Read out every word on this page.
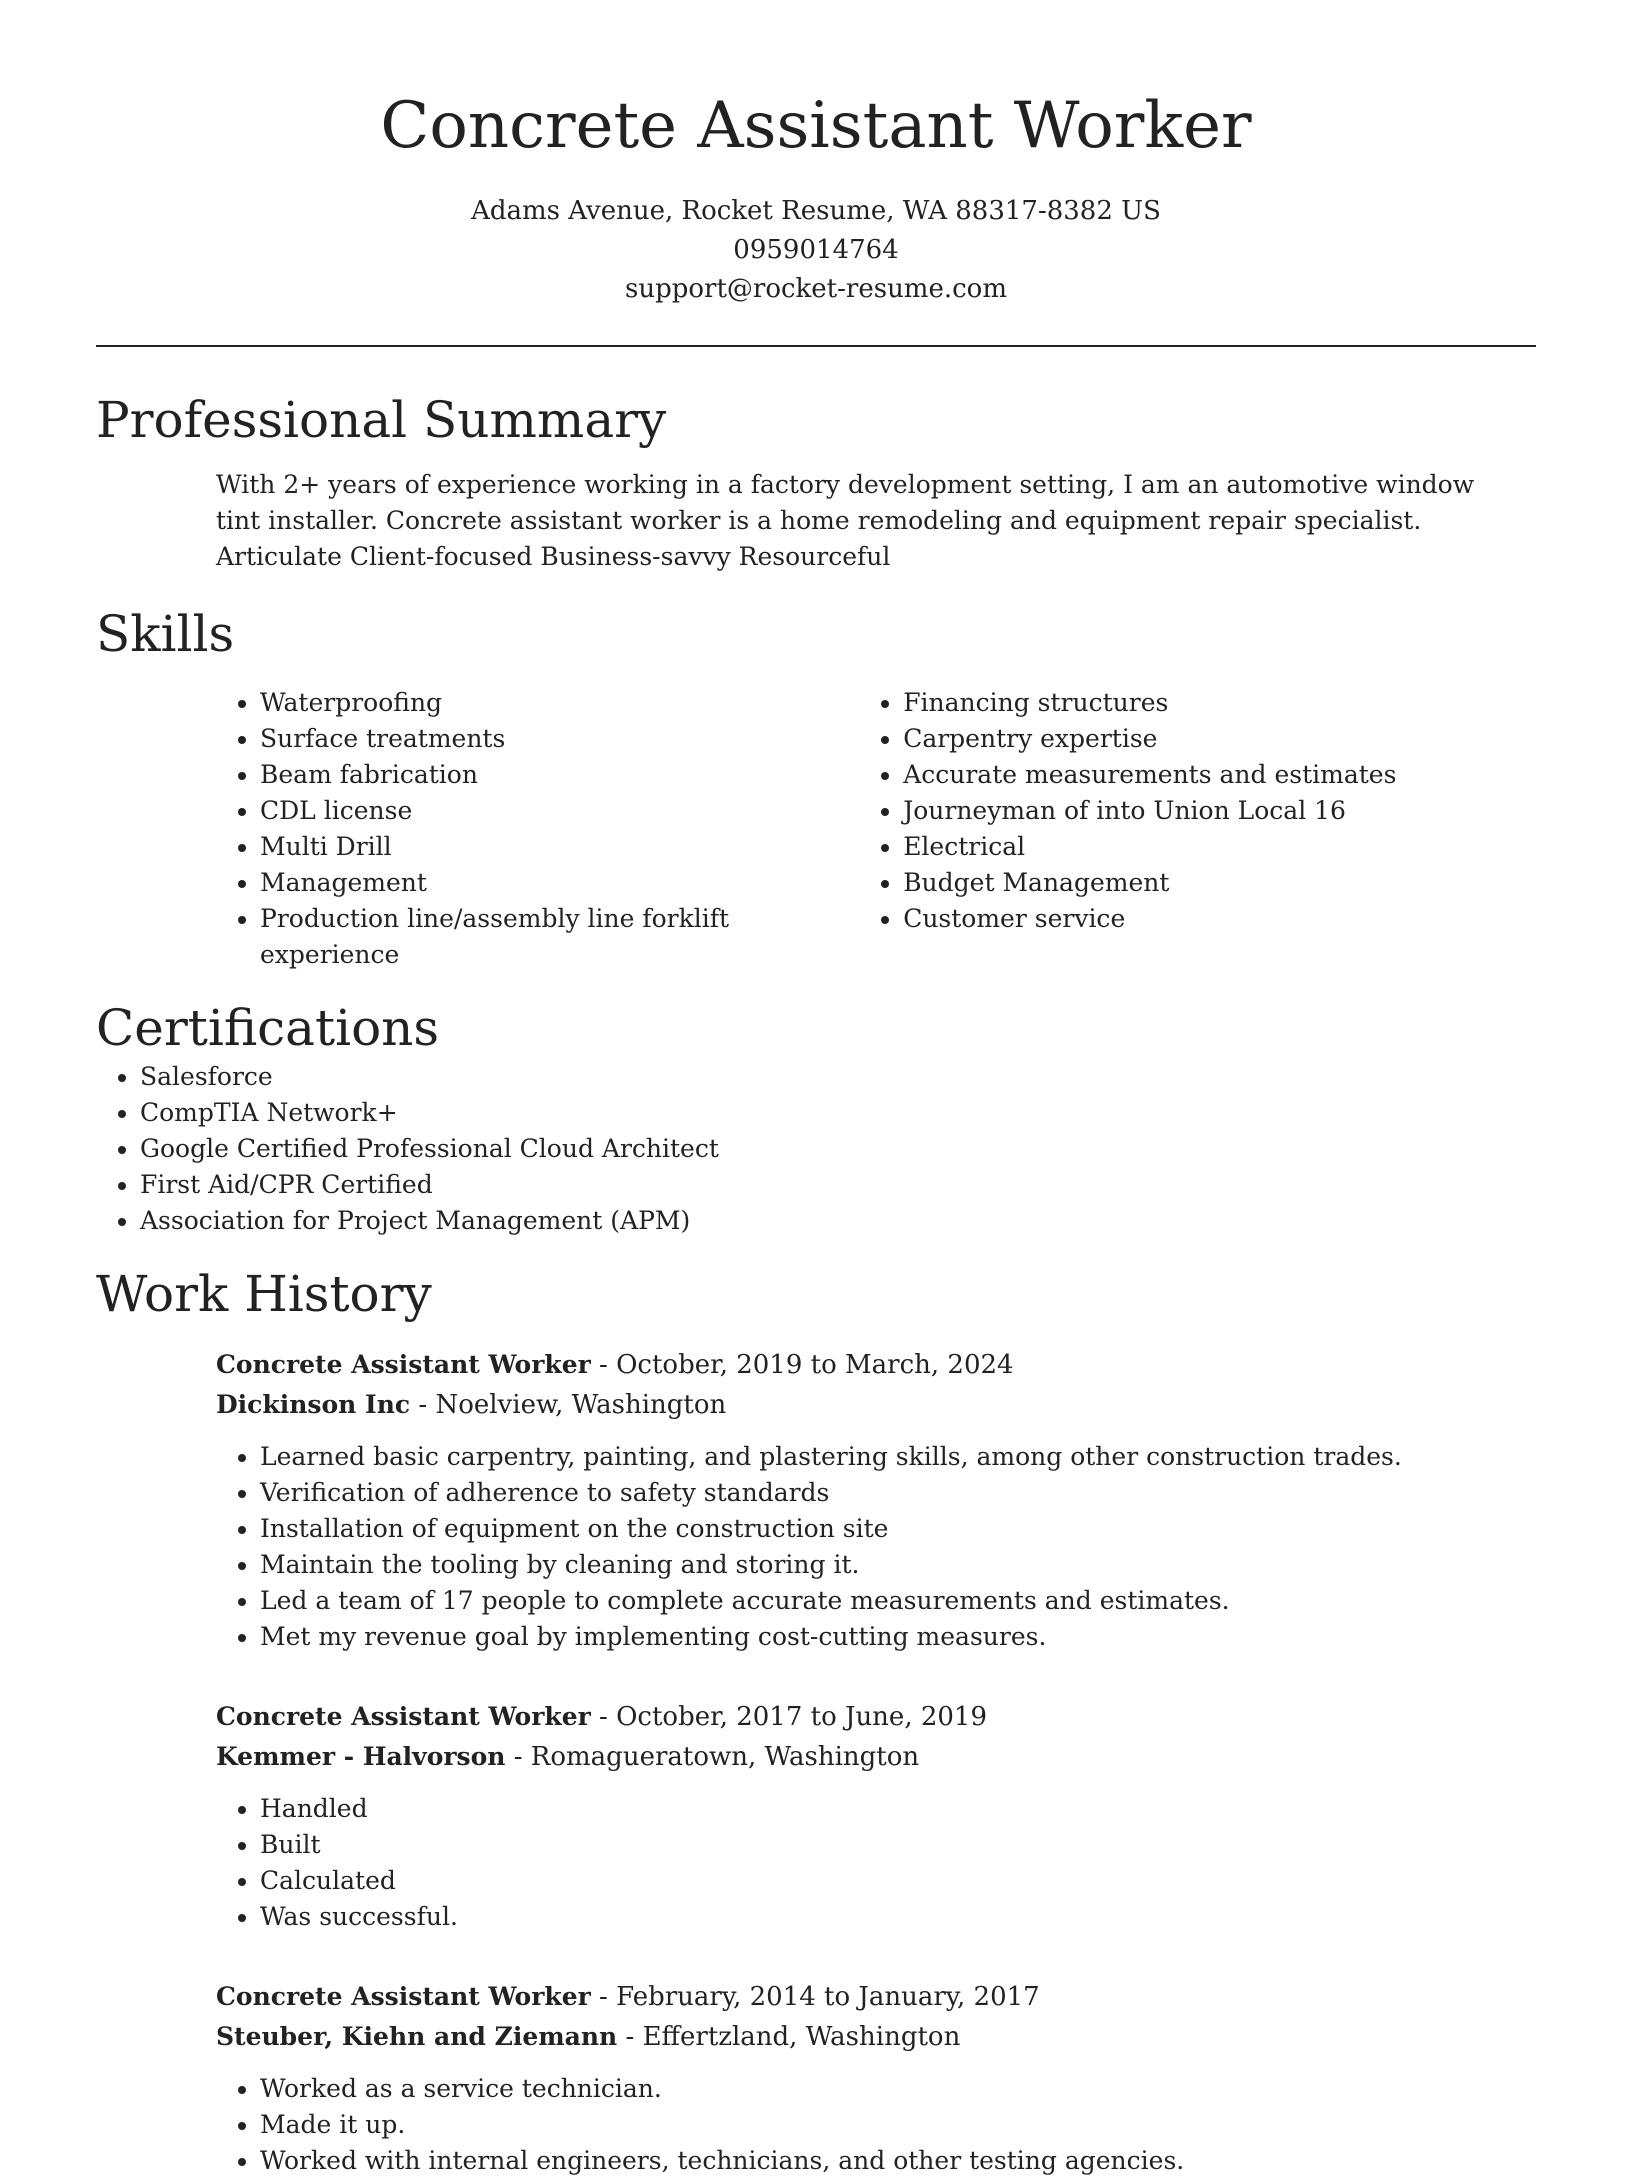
Concrete Assistant Worker
Adams Avenue, Rocket Resume, WA 88317-8382 US
0959014764
support@rocket-resume.com
Professional Summary

With 2+ years of experience working in a factory development setting, I am an automotive window tint installer. Concrete assistant worker is a home remodeling and equipment repair specialist. Articulate Client-focused Business-savvy Resourceful

Skills
• Waterproofing
• Surface treatments
• Beam fabrication
• CDL license
• Multi Drill
• Management
• Production line/assembly line forklift experience
• Financing structures
• Carpentry expertise
• Accurate measurements and estimates
• Journeyman of into Union Local 16
• Electrical
• Budget Management
• Customer service
Certifications
• Salesforce
• CompTIA Network+
• Google Certified Professional Cloud Architect
• First Aid/CPR Certified
• Association for Project Management (APM)
Work History
Concrete Assistant Worker - October, 2019 to March, 2024
Dickinson Inc - Noelview, Washington
• Learned basic carpentry, painting, and plastering skills, among other construction trades.
• Verification of adherence to safety standards
• Installation of equipment on the construction site
• Maintain the tooling by cleaning and storing it.
• Led a team of 17 people to complete accurate measurements and estimates.
• Met my revenue goal by implementing cost-cutting measures.
Concrete Assistant Worker - October, 2017 to June, 2019
Kemmer - Halvorson - Romagueratown, Washington
• Handled
• Built
• Calculated
• Was successful.
Concrete Assistant Worker - February, 2014 to January, 2017
Steuber, Kiehn and Ziemann - Effertzland, Washington
• Worked as a service technician.
• Made it up.
• Worked with internal engineers, technicians, and other testing agencies.
